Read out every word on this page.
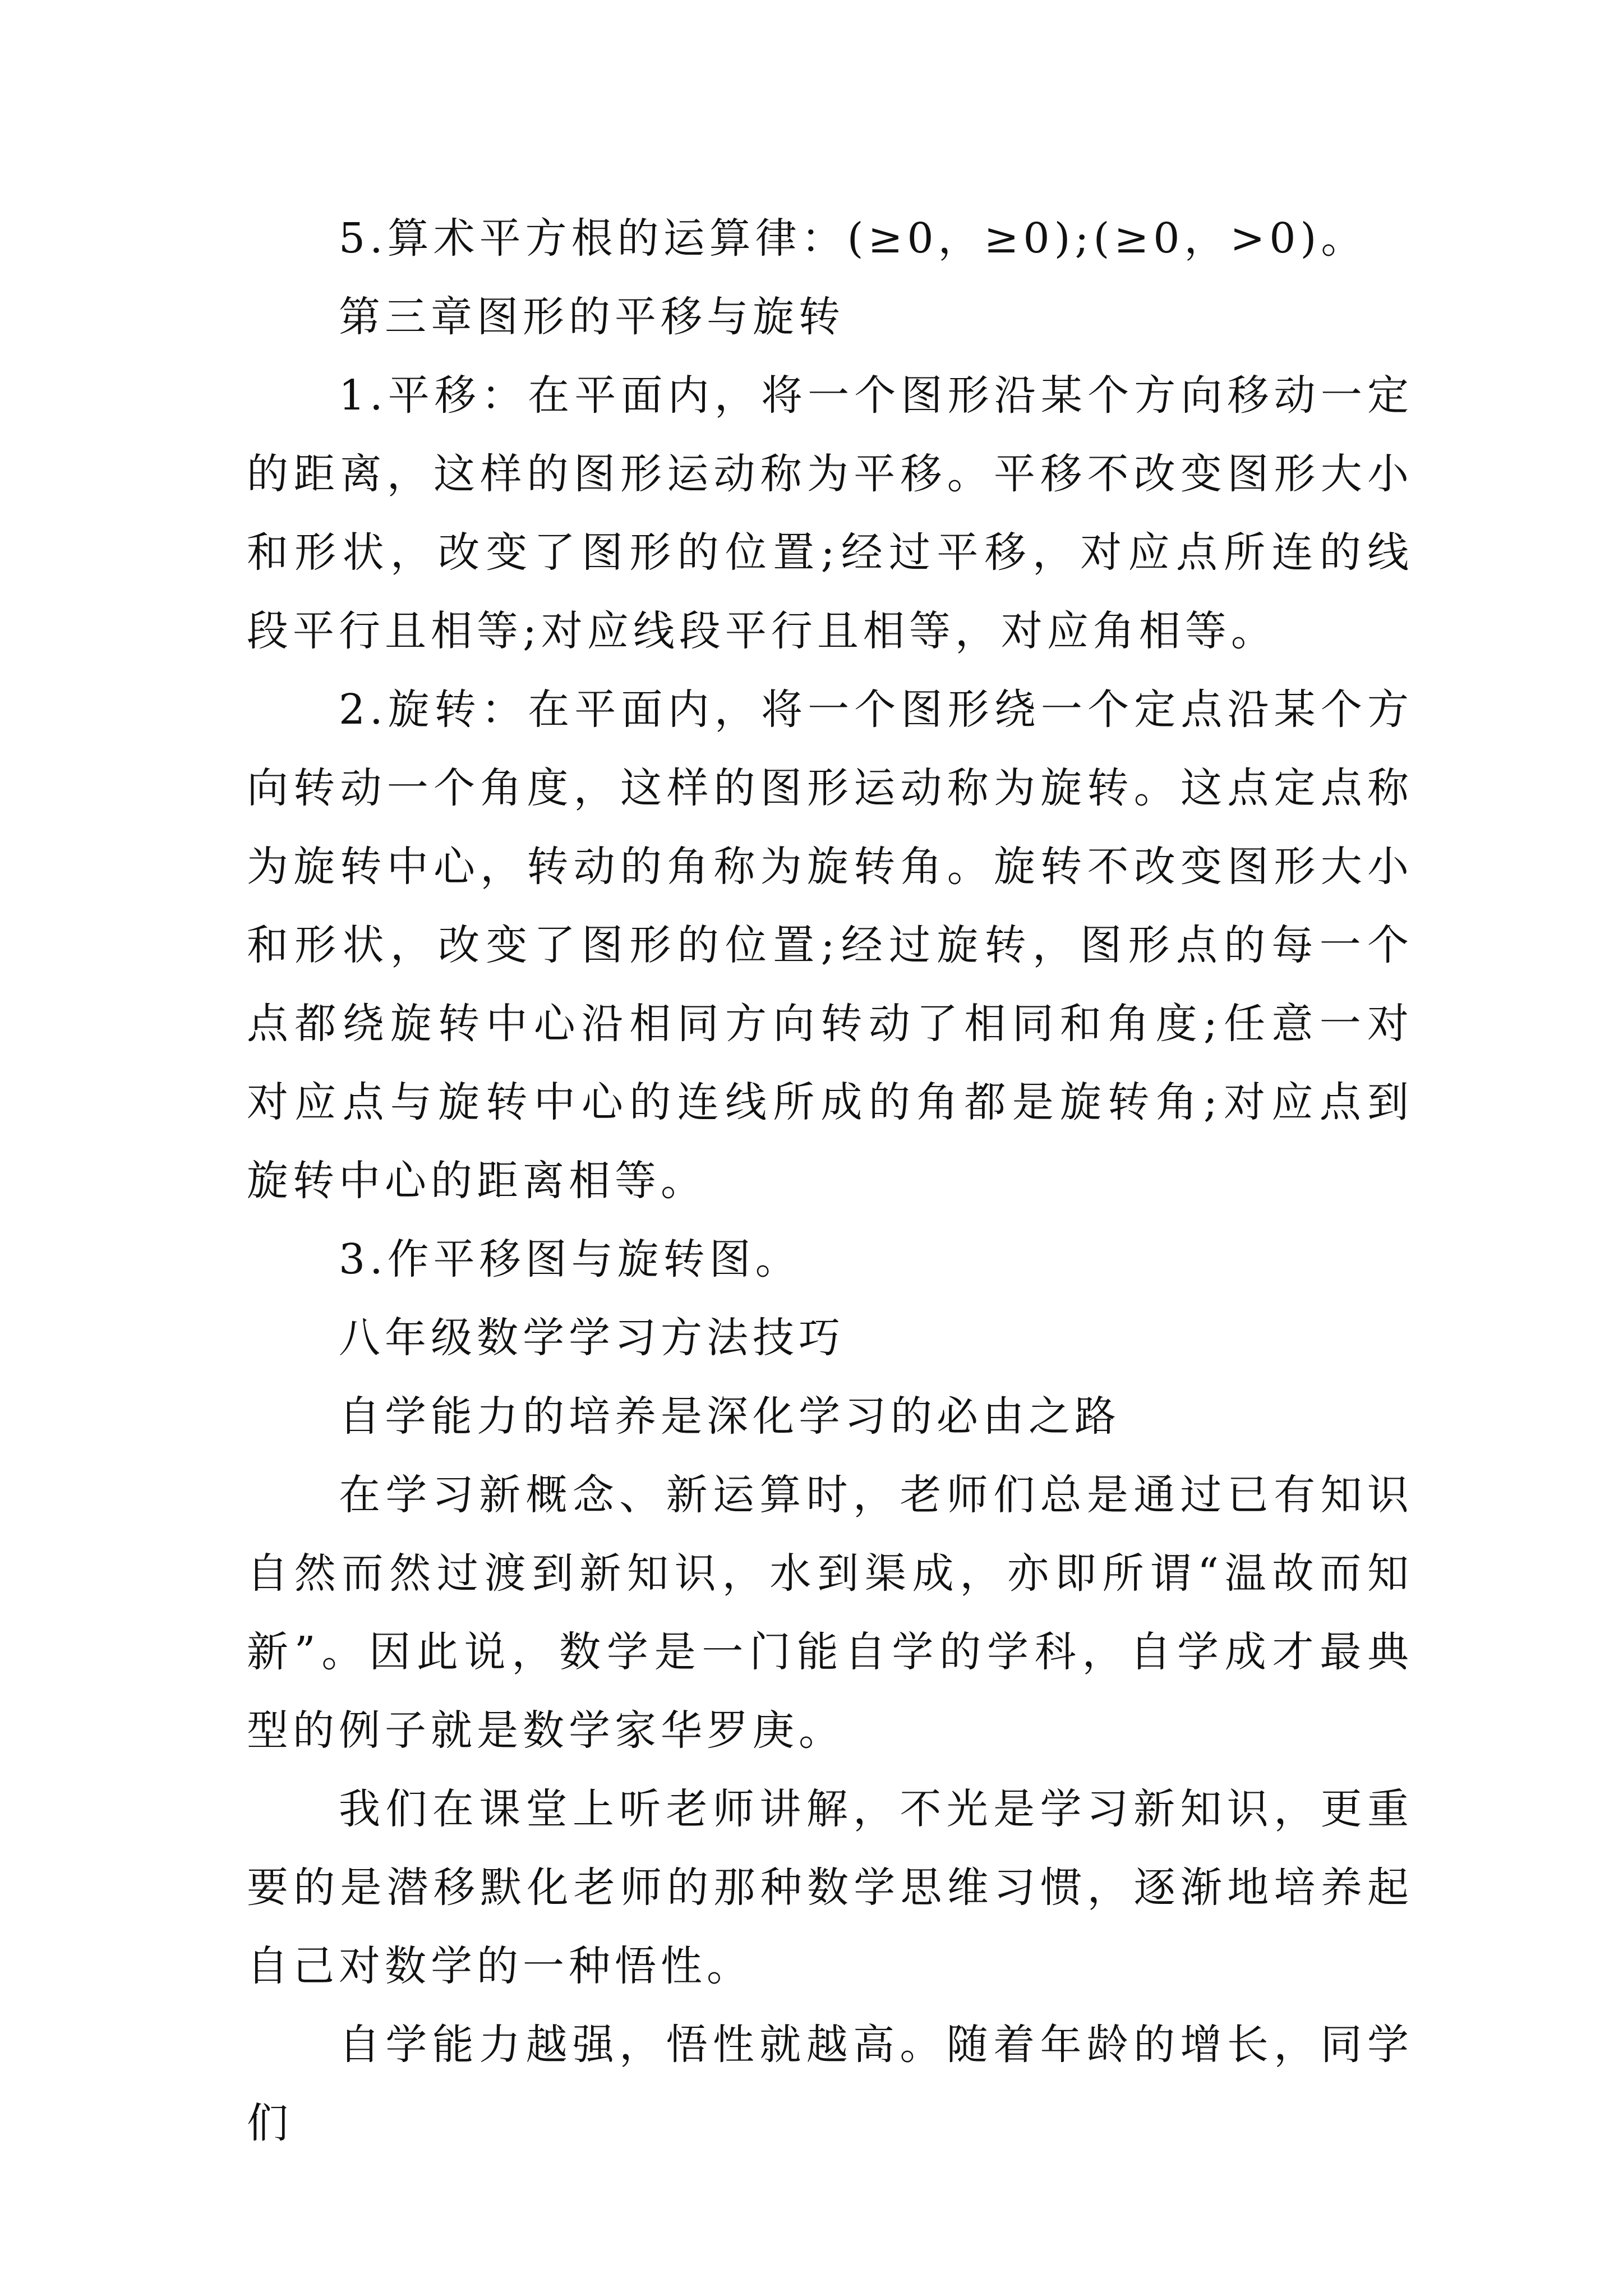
5.算术平方根的运算律：(≥0，≥0);(≥0，>0)。

第三章图形的平移与旋转

1.平移：在平面内，将一个图形沿某个方向移动一定的距离，这样的图形运动称为平移。平移不改变图形大小和形状，改变了图形的位置;经过平移，对应点所连的线段平行且相等;对应线段平行且相等，对应角相等。

2.旋转：在平面内，将一个图形绕一个定点沿某个方向转动一个角度，这样的图形运动称为旋转。这点定点称为旋转中心，转动的角称为旋转角。旋转不改变图形大小和形状，改变了图形的位置;经过旋转，图形点的每一个点都绕旋转中心沿相同方向转动了相同和角度;任意一对对应点与旋转中心的连线所成的角都是旋转角;对应点到旋转中心的距离相等。

3.作平移图与旋转图。

八年级数学学习方法技巧

自学能力的培养是深化学习的必由之路

在学习新概念、新运算时，老师们总是通过已有知识自然而然过渡到新知识，水到渠成，亦即所谓“温故而知新”。因此说，数学是一门能自学的学科，自学成才最典型的例子就是数学家华罗庚。

我们在课堂上听老师讲解，不光是学习新知识，更重要的是潜移默化老师的那种数学思维习惯，逐渐地培养起自己对数学的一种悟性。

自学能力越强，悟性就越高。随着年龄的增长，同学们
